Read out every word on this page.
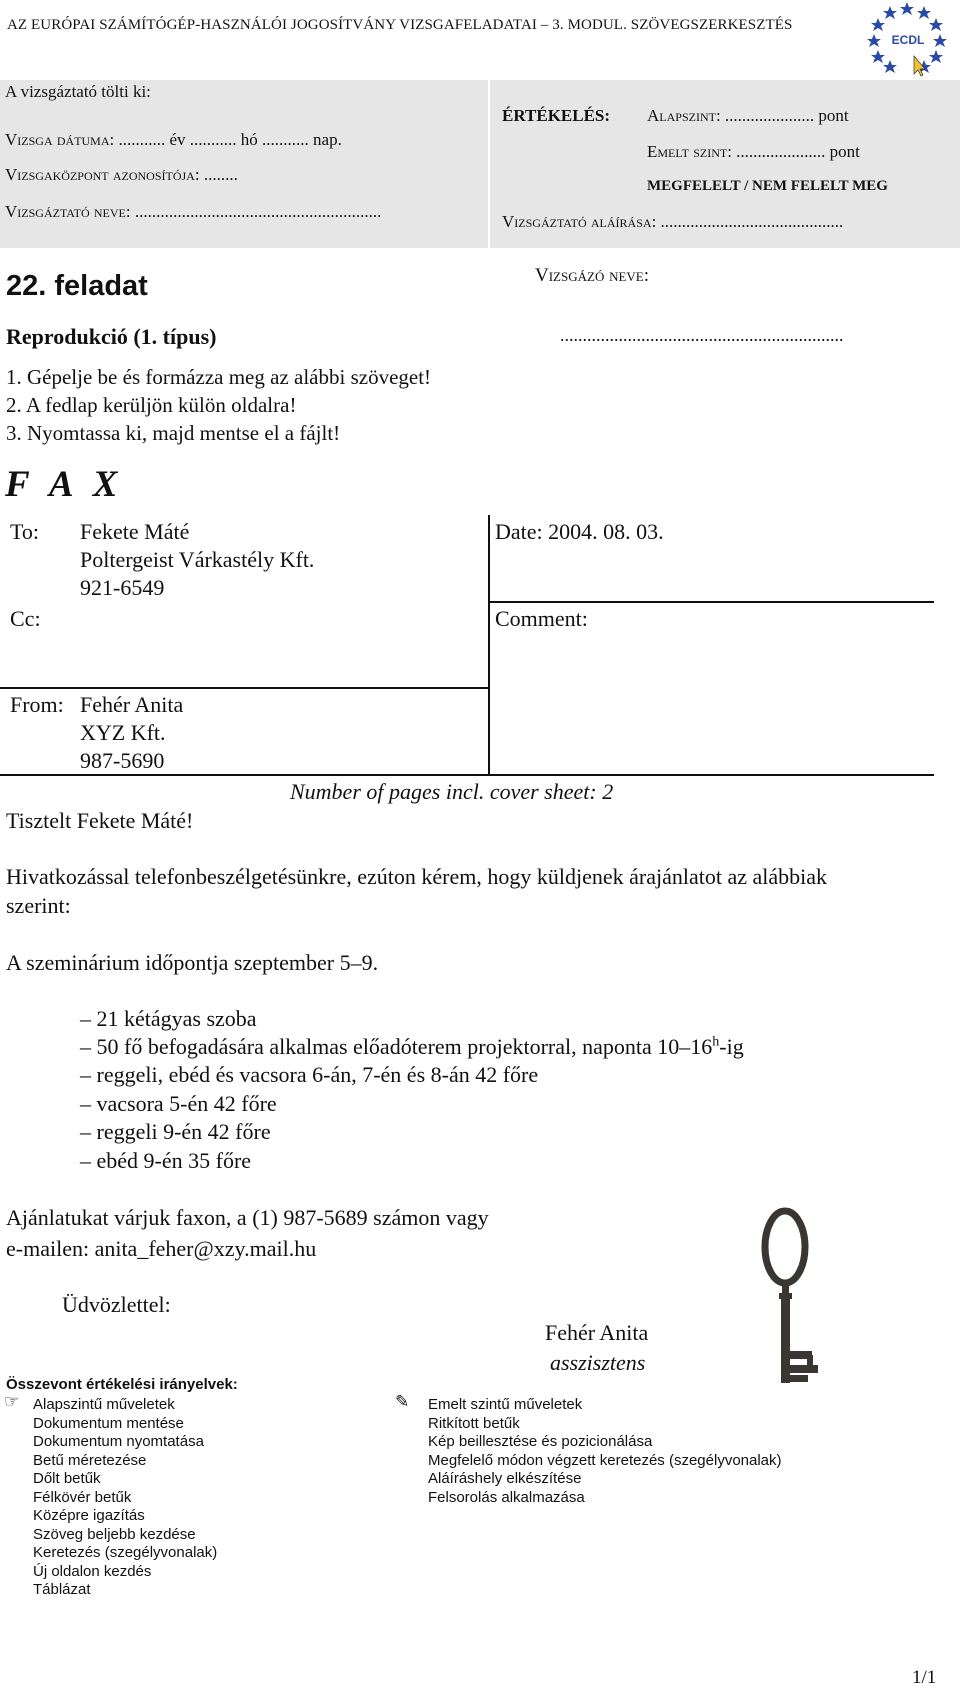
AZ EURÓPAI SZÁMÍTÓGÉP-HASZNÁLÓI JOGOSÍTVÁNY VIZSGAFELADATAI – 3. MODUL. SZÖVEGSZERKESZTÉS
ECDL
A vizsgáztató tölti ki:
Vizsga dátuma: ........... év ........... hó ........... nap.
Vizsgaközpont azonosítója: ........
Vizsgáztató neve: ..........................................................
ÉRTÉKELÉS: Alapszint: ..................... pont
Emelt szint: ..................... pont
MEGFELELT / NEM FELELT MEG
Vizsgáztató aláírása: ...........................................
22. feladat	Vizsgázó neve:
...............................................................
Reprodukció (1. típus)
1. Gépelje be és formázza meg az alábbi szöveget!
2. A fedlap kerüljön külön oldalra!
3. Nyomtassa ki, majd mentse el a fájlt!
F A X
To: Fekete Máté
Poltergeist Várkastély Kft.
921-6549
Cc:
Date: 2004. 08. 03.
Comment:
From: Fehér Anita
XYZ Kft.
987-5690
Number of pages incl. cover sheet: 2
Tisztelt Fekete Máté!
Hivatkozással telefonbeszélgetésünkre, ezúton kérem, hogy küldjenek árajánlatot az alábbiak
szerint:
A szeminárium időpontja szeptember 5–9.
– 21 kétágyas szoba
– 50 fő befogadására alkalmas előadóterem projektorral, naponta 10–16$^h$-ig
– reggeli, ebéd és vacsora 6-án, 7-én és 8-án 42 főre
– vacsora 5-én 42 főre
– reggeli 9-én 42 főre
– ebéd 9-én 35 főre
Ajánlatukat várjuk faxon, a (1) 987-5689 számon vagy
e-mailen: anita_feher@xzy.mail.hu
Üdvözlettel:
Fehér Anita
asszisztens
Összevont értékelési irányelvek:
☞	✎
Alapszintű műveletek
Dokumentum mentése
Dokumentum nyomtatása
Betű méretezése
Dőlt betűk
Félkövér betűk
Középre igazítás
Szöveg beljebb kezdése
Keretezés (szegélyvonalak)
Új oldalon kezdés
Táblázat
Emelt szintű műveletek
Ritkított betűk
Kép beillesztése és pozicionálása
Megfelelő módon végzett keretezés (szegélyvonalak)
Aláíráshely elkészítése
Felsorolás alkalmazása
1/1
